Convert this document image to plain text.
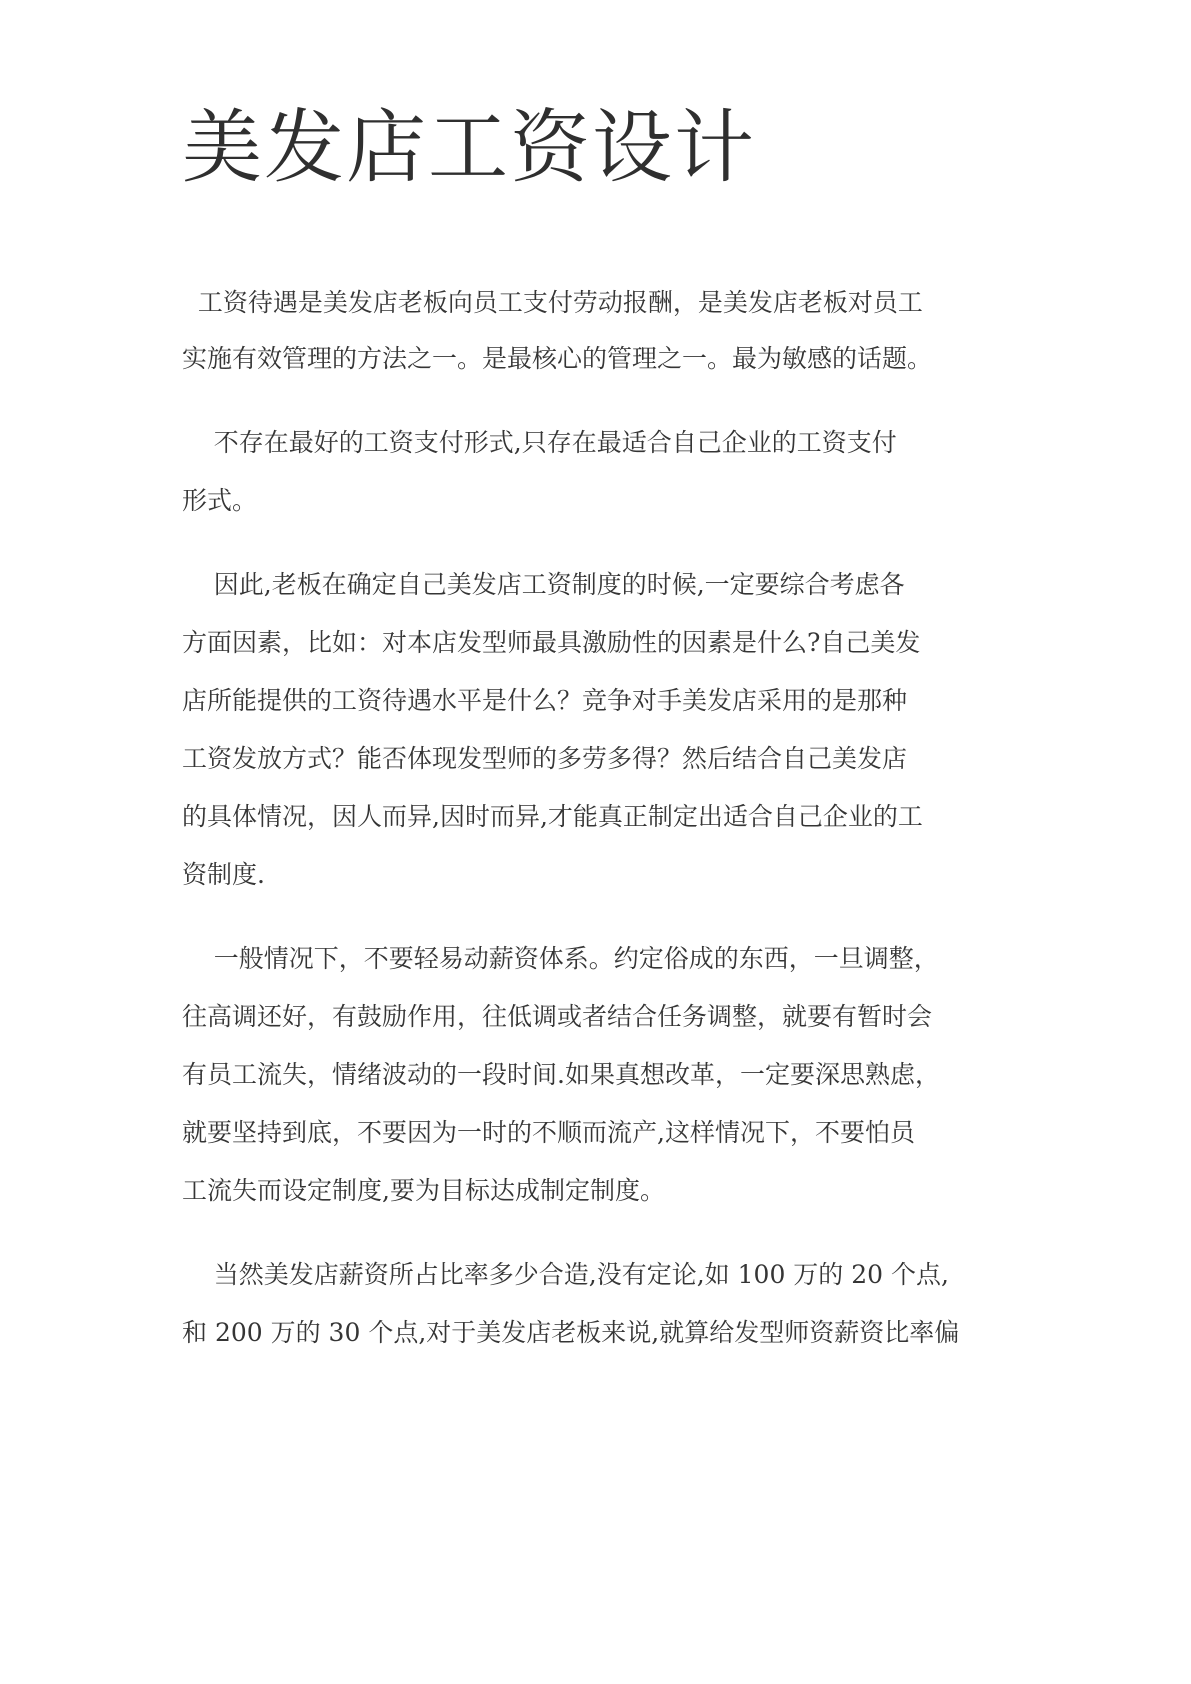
美发店工资设计
工资待遇是美发店老板向员工支付劳动报酬，是美发店老板对员工
实施有效管理的方法之一。是最核心的管理之一。最为敏感的话题。
不存在最好的工资支付形式,只存在最适合自己企业的工资支付
形式。
因此,老板在确定自己美发店工资制度的时候,一定要综合考虑各
方面因素，比如：对本店发型师最具激励性的因素是什么?自己美发
店所能提供的工资待遇水平是什么？竞争对手美发店采用的是那种
工资发放方式？能否体现发型师的多劳多得？然后结合自己美发店
的具体情况，因人而异,因时而异,才能真正制定出适合自己企业的工
资制度.
一般情况下，不要轻易动薪资体系。约定俗成的东西，一旦调整，
往高调还好，有鼓励作用，往低调或者结合任务调整，就要有暂时会
有员工流失，情绪波动的一段时间.如果真想改革，一定要深思熟虑，
就要坚持到底，不要因为一时的不顺而流产,这样情况下，不要怕员
工流失而设定制度,要为目标达成制定制度。
当然美发店薪资所占比率多少合造,没有定论,如 100 万的 20 个点,
和 200 万的 30 个点,对于美发店老板来说,就算给发型师资薪资比率偏
